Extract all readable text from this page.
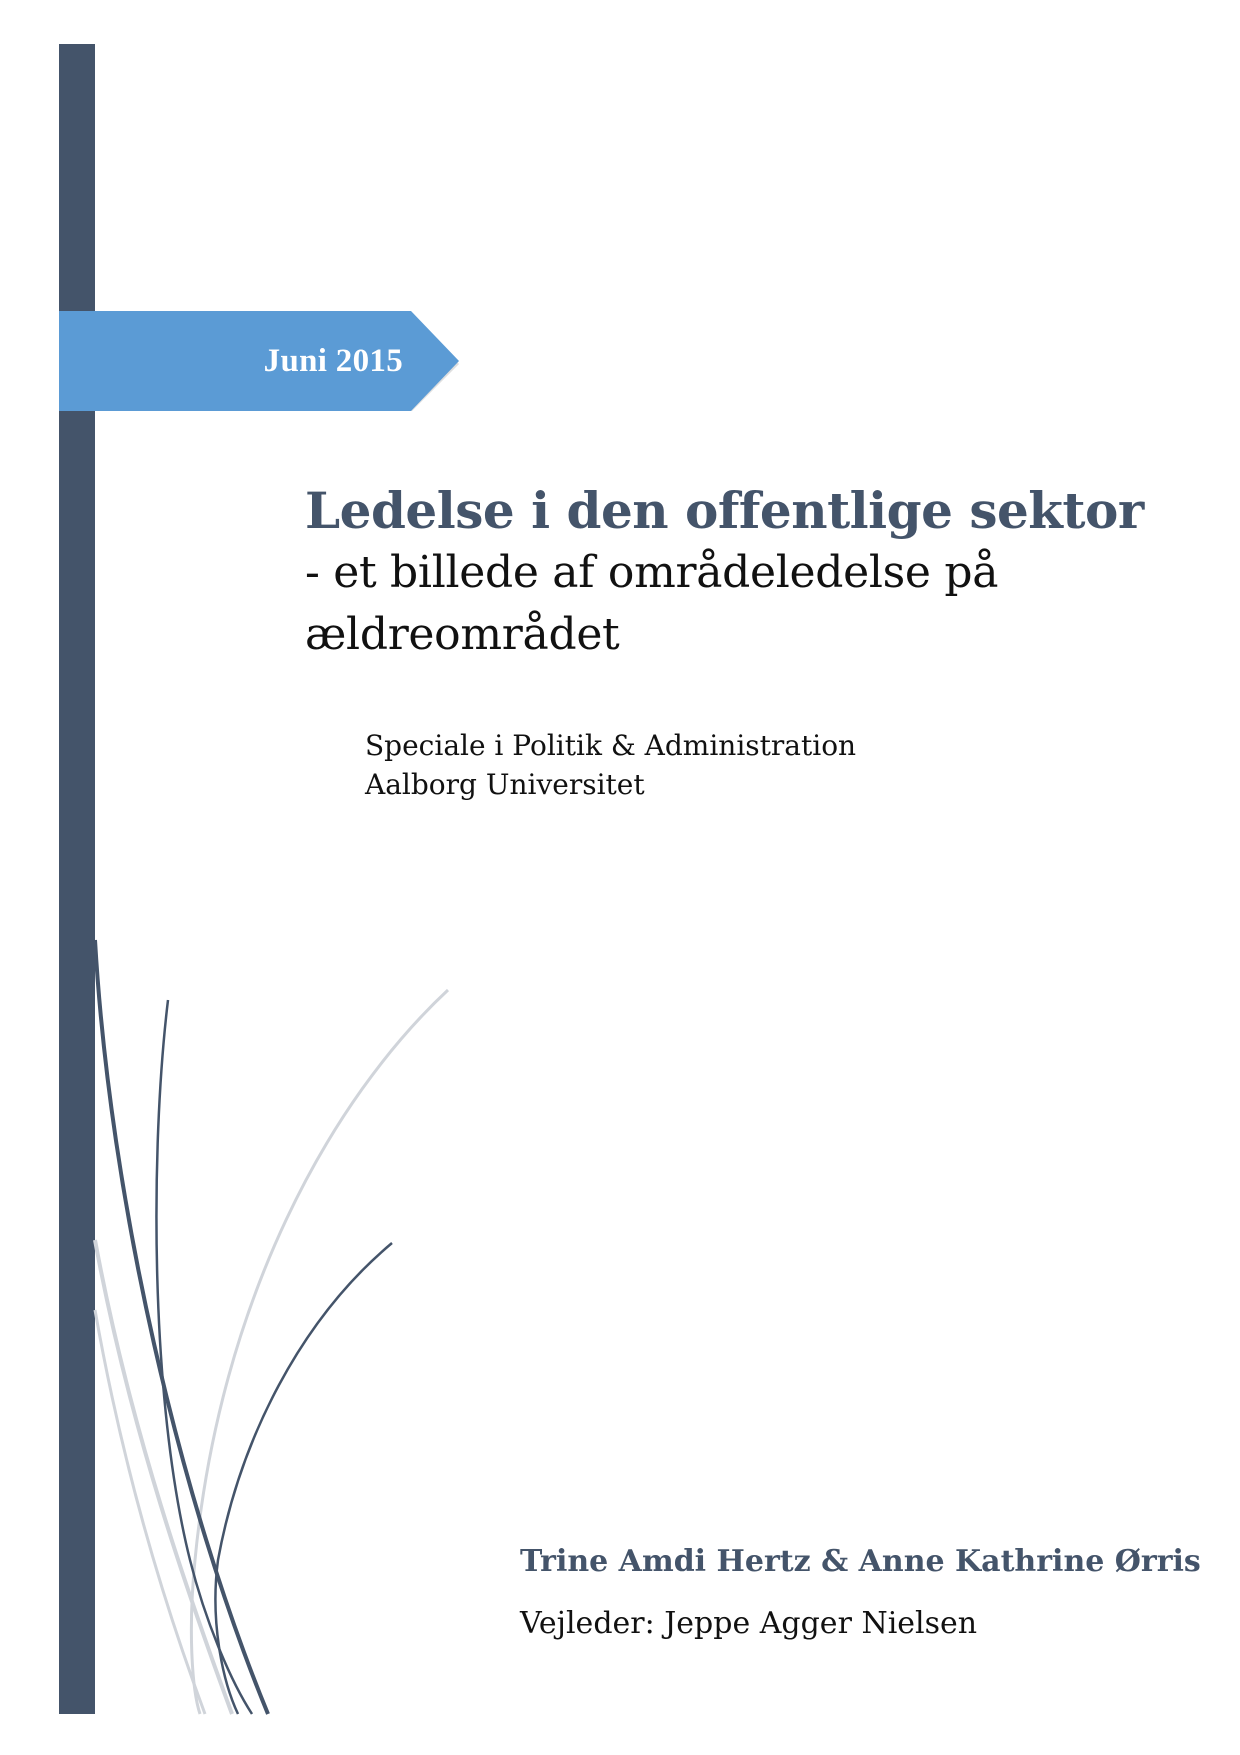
Juni 2015
Ledelse i den offentlige sektor

- et billede af områdeledelse på
ældreområdet

Speciale i Politik & Administration
Aalborg Universitet
Trine Amdi Hertz & Anne Kathrine Ørris
Vejleder: Jeppe Agger Nielsen
